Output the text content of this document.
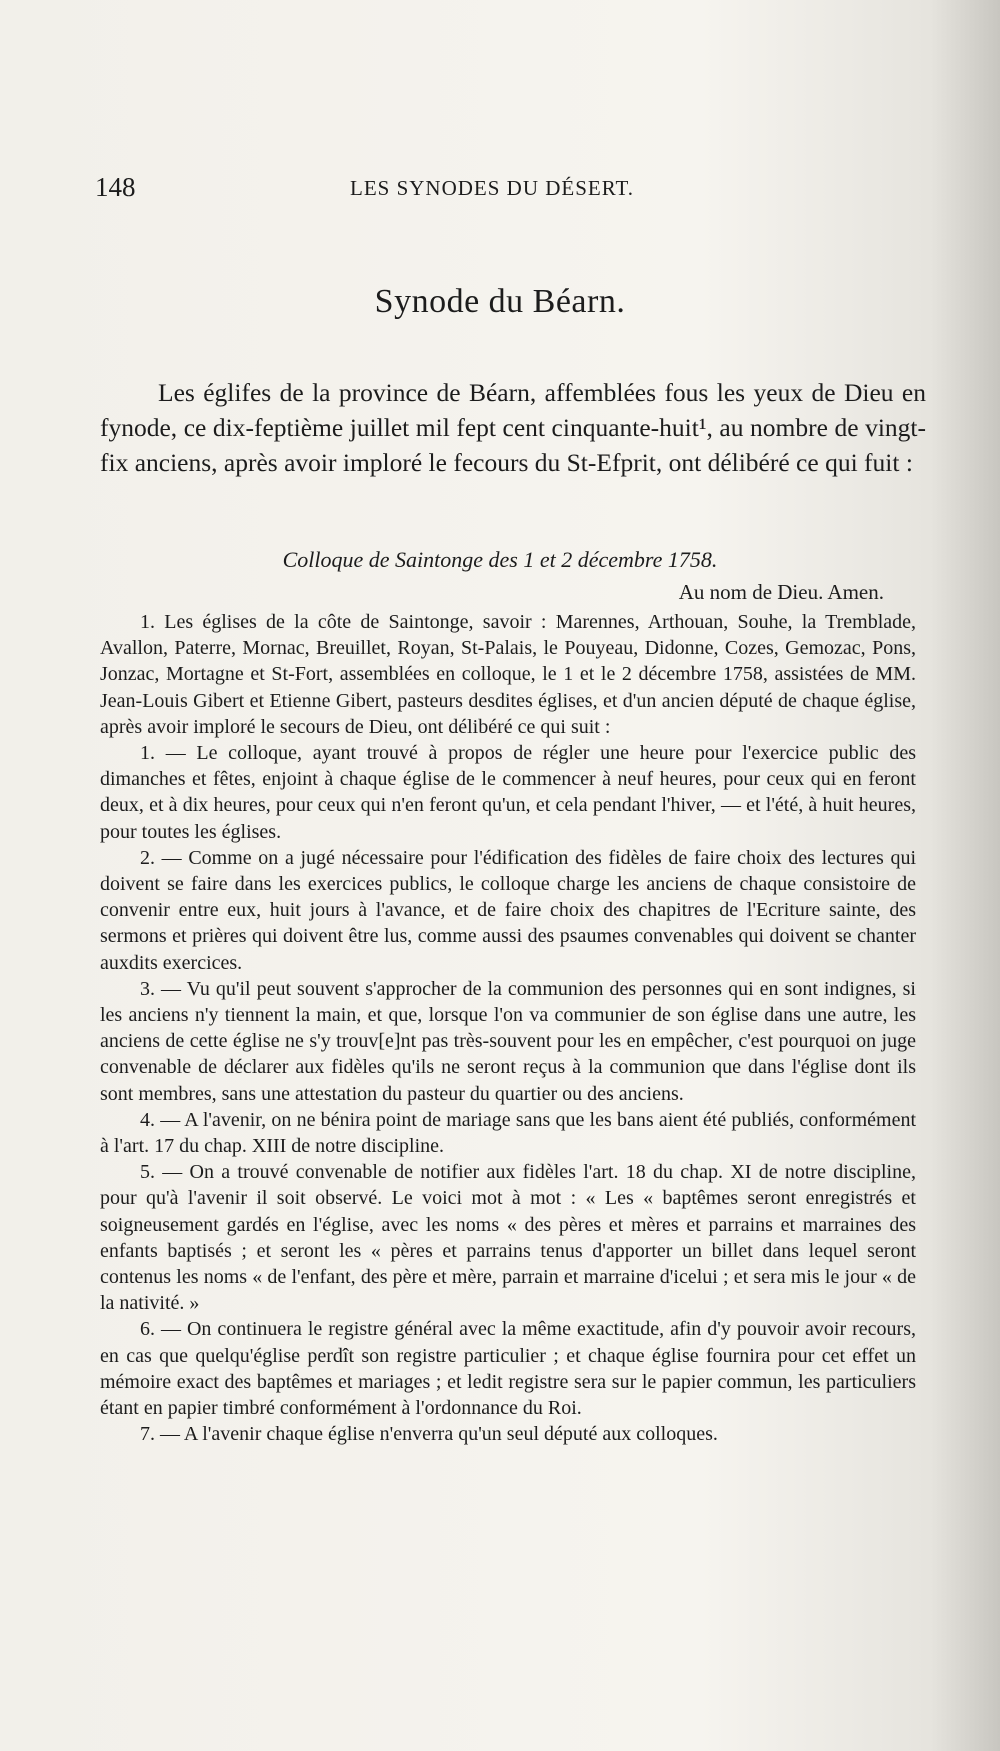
148	LES SYNODES DU DÉSERT.
Synode du Béarn.

Les églifes de la province de Béarn, affemblées fous les yeux de Dieu en fynode, ce dix-feptième juillet mil fept cent cinquante-huit¹, au nombre de vingt-fix anciens, après avoir imploré le fecours du St-Efprit, ont délibéré ce qui fuit :

Colloque de Saintonge des 1 et 2 décembre 1758.
Au nom de Dieu. Amen.

1. Les églises de la côte de Saintonge, savoir : Marennes, Arthouan, Souhe, la Tremblade, Avallon, Paterre, Mornac, Breuillet, Royan, St-Palais, le Pouyeau, Didonne, Cozes, Gemozac, Pons, Jonzac, Mortagne et St-Fort, assemblées en colloque, le 1 et le 2 décembre 1758, assistées de MM. Jean-Louis Gibert et Etienne Gibert, pasteurs desdites églises, et d'un ancien député de chaque église, après avoir imploré le secours de Dieu, ont délibéré ce qui suit :

1. — Le colloque, ayant trouvé à propos de régler une heure pour l'exercice public des dimanches et fêtes, enjoint à chaque église de le commencer à neuf heures, pour ceux qui en feront deux, et à dix heures, pour ceux qui n'en feront qu'un, et cela pendant l'hiver, — et l'été, à huit heures, pour toutes les églises.

2. — Comme on a jugé nécessaire pour l'édification des fidèles de faire choix des lectures qui doivent se faire dans les exercices publics, le colloque charge les anciens de chaque consistoire de convenir entre eux, huit jours à l'avance, et de faire choix des chapitres de l'Ecriture sainte, des sermons et prières qui doivent être lus, comme aussi des psaumes convenables qui doivent se chanter auxdits exercices.

3. — Vu qu'il peut souvent s'approcher de la communion des personnes qui en sont indignes, si les anciens n'y tiennent la main, et que, lorsque l'on va communier de son église dans une autre, les anciens de cette église ne s'y trouv[e]nt pas très-souvent pour les en empêcher, c'est pourquoi on juge convenable de déclarer aux fidèles qu'ils ne seront reçus à la communion que dans l'église dont ils sont membres, sans une attestation du pasteur du quartier ou des anciens.

4. — A l'avenir, on ne bénira point de mariage sans que les bans aient été publiés, conformément à l'art. 17 du chap. XIII de notre discipline.

5. — On a trouvé convenable de notifier aux fidèles l'art. 18 du chap. XI de notre discipline, pour qu'à l'avenir il soit observé. Le voici mot à mot : « Les « baptêmes seront enregistrés et soigneusement gardés en l'église, avec les noms « des pères et mères et parrains et marraines des enfants baptisés ; et seront les « pères et parrains tenus d'apporter un billet dans lequel seront contenus les noms « de l'enfant, des père et mère, parrain et marraine d'icelui ; et sera mis le jour « de la nativité. »

6. — On continuera le registre général avec la même exactitude, afin d'y pouvoir avoir recours, en cas que quelqu'église perdît son registre particulier ; et chaque église fournira pour cet effet un mémoire exact des baptêmes et mariages ; et ledit registre sera sur le papier commun, les particuliers étant en papier timbré conformément à l'ordonnance du Roi.

7. — A l'avenir chaque église n'enverra qu'un seul député aux colloques.
